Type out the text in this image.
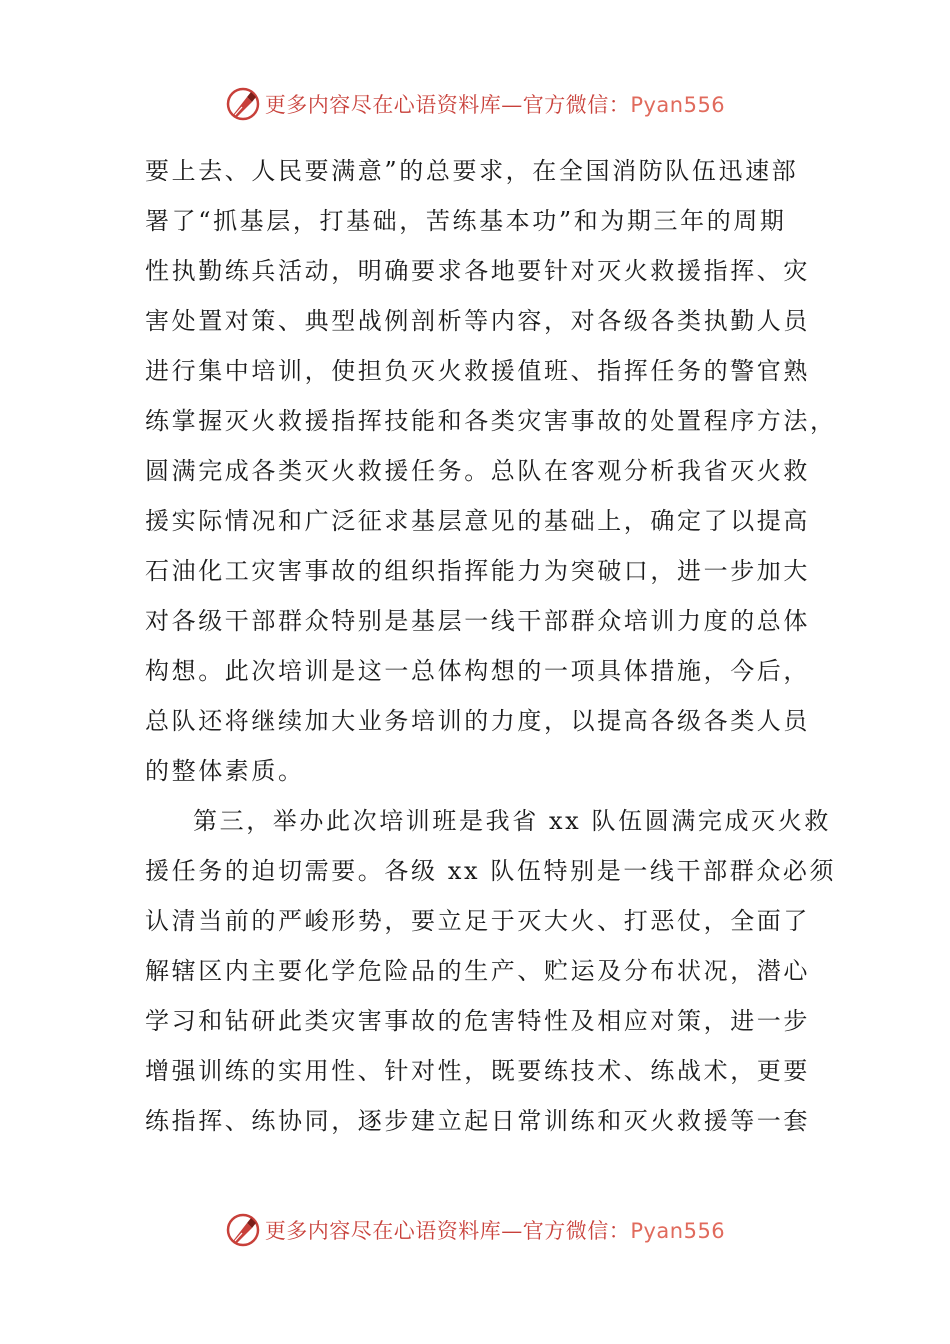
更多内容尽在心语资料库—官方微信：Pyan556
要上去、人民要满意”的总要求，在全国消防队伍迅速部
署了“抓基层，打基础，苦练基本功”和为期三年的周期
性执勤练兵活动，明确要求各地要针对灭火救援指挥、灾
害处置对策、典型战例剖析等内容，对各级各类执勤人员
进行集中培训，使担负灭火救援值班、指挥任务的警官熟
练掌握灭火救援指挥技能和各类灾害事故的处置程序方法，
圆满完成各类灭火救援任务。总队在客观分析我省灭火救
援实际情况和广泛征求基层意见的基础上，确定了以提高
石油化工灾害事故的组织指挥能力为突破口，进一步加大
对各级干部群众特别是基层一线干部群众培训力度的总体
构想。此次培训是这一总体构想的一项具体措施，今后，
总队还将继续加大业务培训的力度，以提高各级各类人员
的整体素质。
第三，举办此次培训班是我省 xx 队伍圆满完成灭火救
援任务的迫切需要。各级 xx 队伍特别是一线干部群众必须
认清当前的严峻形势，要立足于灭大火、打恶仗，全面了
解辖区内主要化学危险品的生产、贮运及分布状况，潜心
学习和钻研此类灾害事故的危害特性及相应对策，进一步
增强训练的实用性、针对性，既要练技术、练战术，更要
练指挥、练协同，逐步建立起日常训练和灭火救援等一套
更多内容尽在心语资料库—官方微信：Pyan556
